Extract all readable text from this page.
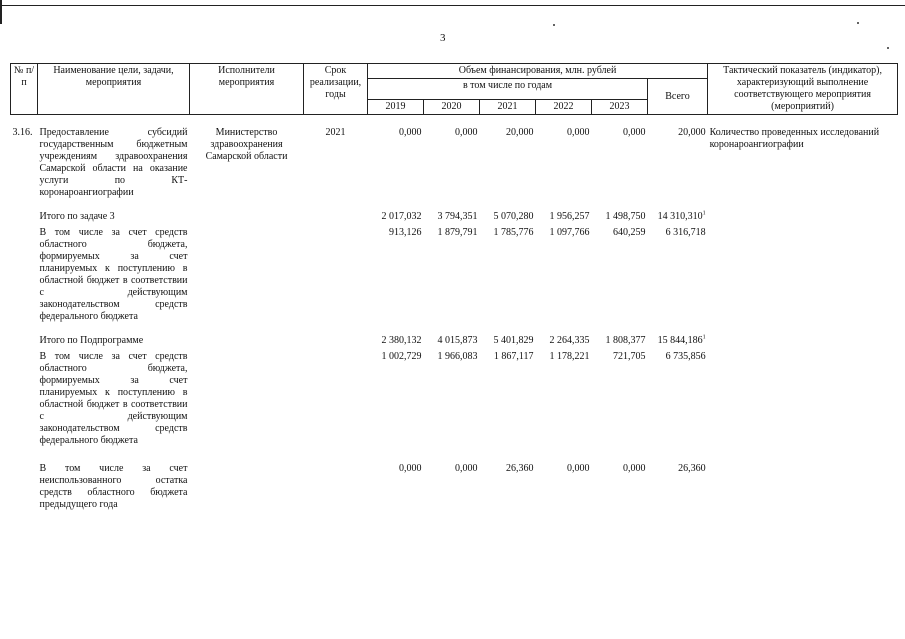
3
№ п/п	Наименование цели, задачи, мероприятия	Исполнители мероприятия	Срок реализации, годы	Объем финансирования, млн. рублей						Тактический показатель (индикатор), характеризующий выполнение соответствующего мероприятия (мероприятий)
				в том числе по годам					Всего	
				2019	2020	2021	2022	2023		

3.16.	Предоставление субсидий государственным бюджетным учреждениям здравоохранения Самарской области на оказание услуги по КТ-коронароангиографии	Министерство здравоохранения Самарской области	2021	0,000	0,000	20,000	0,000	0,000	20,000	Количество проведенных исследований коронароангиографии

	Итого по задаче 3			2 017,032	3 794,351	5 070,280	1 956,257	1 498,750	14 310,310$^1$	

	В том числе за счет средств областного бюджета, формируемых за счет планируемых к поступлению в областной бюджет в соответствии с действующим законодательством средств федерального бюджета			913,126	1 879,791	1 785,776	1 097,766	640,259	6 316,718	

	Итого по Подпрограмме			2 380,132	4 015,873	5 401,829	2 264,335	1 808,377	15 844,186$^1$	

	В том числе за счет средств областного бюджета, формируемых за счет планируемых к поступлению в областной бюджет в соответствии с действующим законодательством средств федерального бюджета			1 002,729	1 966,083	1 867,117	1 178,221	721,705	6 735,856	

	В том числе за счет неиспользованного остатка средств областного бюджета предыдущего года			0,000	0,000	26,360	0,000	0,000	26,360	
